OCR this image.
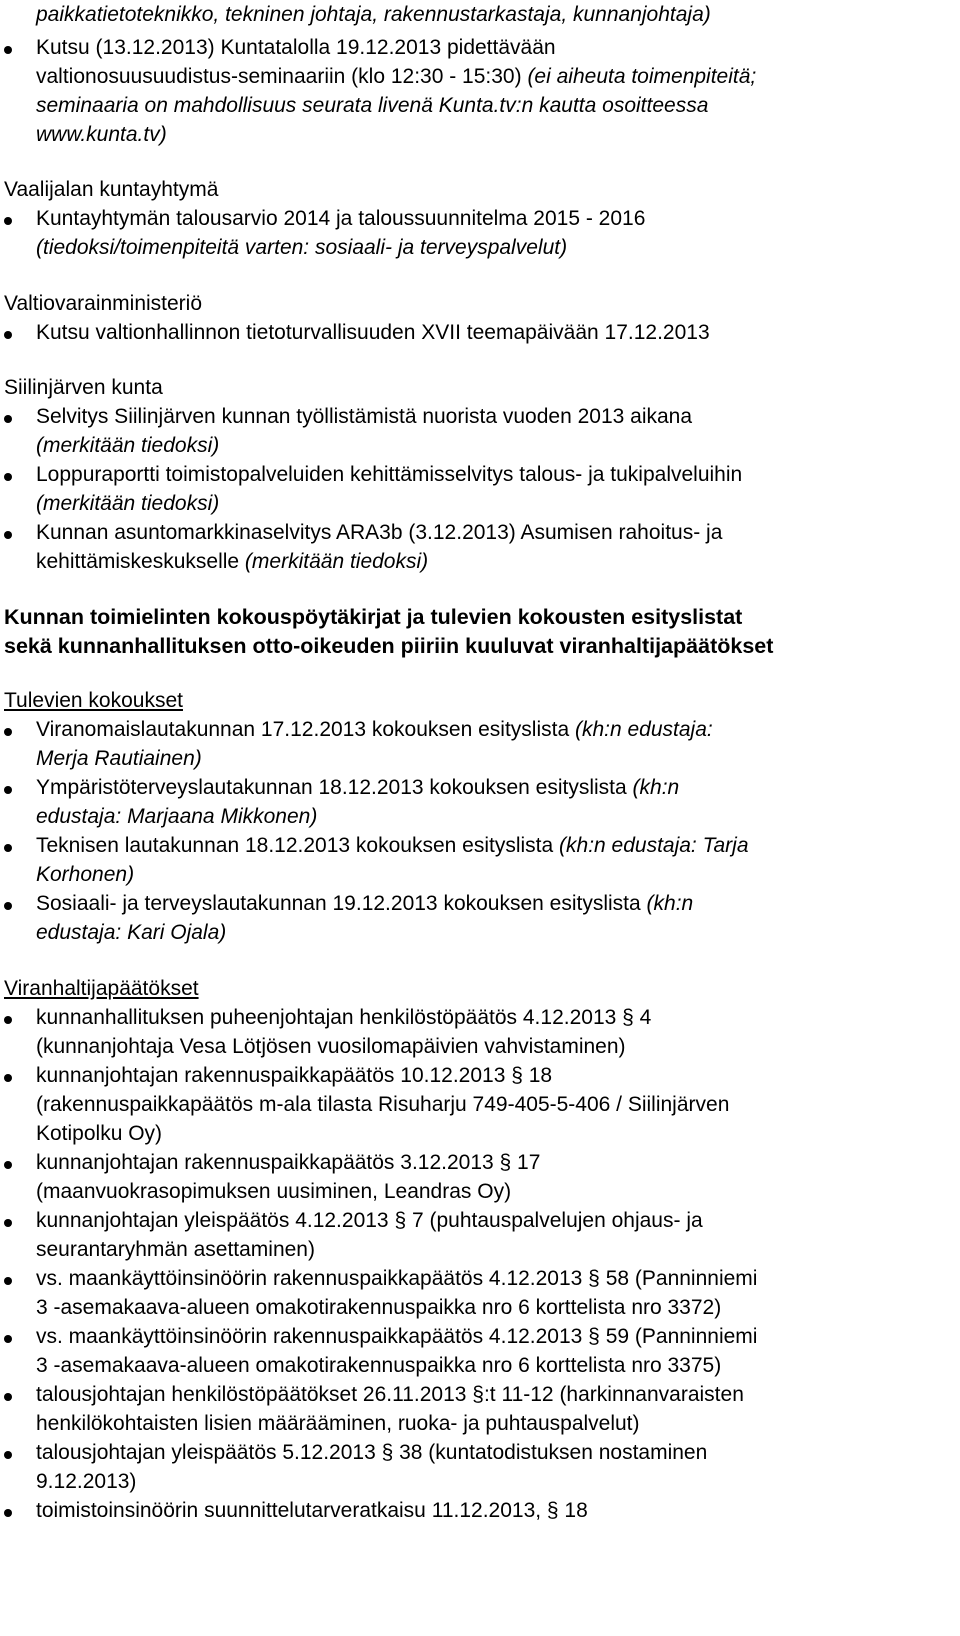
paikkatietoteknikko, tekninen johtaja, rakennustarkastaja, kunnanjohtaja)
Kutsu (13.12.2013) Kuntatalolla 19.12.2013 pidettävään
valtionosuusuudistus-seminaariin (klo 12:30 - 15:30) (ei aiheuta toimenpiteitä;
seminaaria on mahdollisuus seurata livenä Kunta.tv:n kautta osoitteessa
www.kunta.tv)
Vaalijalan kuntayhtymä
Kuntayhtymän talousarvio 2014 ja taloussuunnitelma 2015 - 2016
(tiedoksi/toimenpiteitä varten: sosiaali- ja terveyspalvelut)
Valtiovarainministeriö
Kutsu valtionhallinnon tietoturvallisuuden XVII teemapäivään 17.12.2013
Siilinjärven kunta
Selvitys Siilinjärven kunnan työllistämistä nuorista vuoden 2013 aikana
(merkitään tiedoksi)
Loppuraportti toimistopalveluiden kehittämisselvitys talous- ja tukipalveluihin
(merkitään tiedoksi)
Kunnan asuntomarkkinaselvitys ARA3b (3.12.2013) Asumisen rahoitus- ja
kehittämiskeskukselle (merkitään tiedoksi)
Kunnan toimielinten kokouspöytäkirjat ja tulevien kokousten esityslistat
sekä kunnanhallituksen otto-oikeuden piiriin kuuluvat viranhaltijapäätökset
Tulevien kokoukset
Viranomaislautakunnan 17.12.2013 kokouksen esityslista (kh:n edustaja:
Merja Rautiainen)
Ympäristöterveyslautakunnan 18.12.2013 kokouksen esityslista (kh:n
edustaja: Marjaana Mikkonen)
Teknisen lautakunnan 18.12.2013 kokouksen esityslista (kh:n edustaja: Tarja
Korhonen)
Sosiaali- ja terveyslautakunnan 19.12.2013 kokouksen esityslista (kh:n
edustaja: Kari Ojala)
Viranhaltijapäätökset
kunnanhallituksen puheenjohtajan henkilöstöpäätös 4.12.2013 § 4
(kunnanjohtaja Vesa Lötjösen vuosilomapäivien vahvistaminen)
kunnanjohtajan rakennuspaikkapäätös 10.12.2013 § 18
(rakennuspaikkapäätös m-ala tilasta Risuharju 749-405-5-406 / Siilinjärven
Kotipolku Oy)
kunnanjohtajan rakennuspaikkapäätös 3.12.2013 § 17
(maanvuokrasopimuksen uusiminen, Leandras Oy)
kunnanjohtajan yleispäätös 4.12.2013 § 7 (puhtauspalvelujen ohjaus- ja
seurantaryhmän asettaminen)
vs. maankäyttöinsinöörin rakennuspaikkapäätös 4.12.2013 § 58 (Panninniemi
3 -asemakaava-alueen omakotirakennuspaikka nro 6 korttelista nro 3372)
vs. maankäyttöinsinöörin rakennuspaikkapäätös 4.12.2013 § 59 (Panninniemi
3 -asemakaava-alueen omakotirakennuspaikka nro 6 korttelista nro 3375)
talousjohtajan henkilöstöpäätökset 26.11.2013 §:t 11-12 (harkinnanvaraisten
henkilökohtaisten lisien määrääminen, ruoka- ja puhtauspalvelut)
talousjohtajan yleispäätös 5.12.2013 § 38 (kuntatodistuksen nostaminen
9.12.2013)
toimistoinsinöörin suunnittelutarveratkaisu 11.12.2013, § 18
